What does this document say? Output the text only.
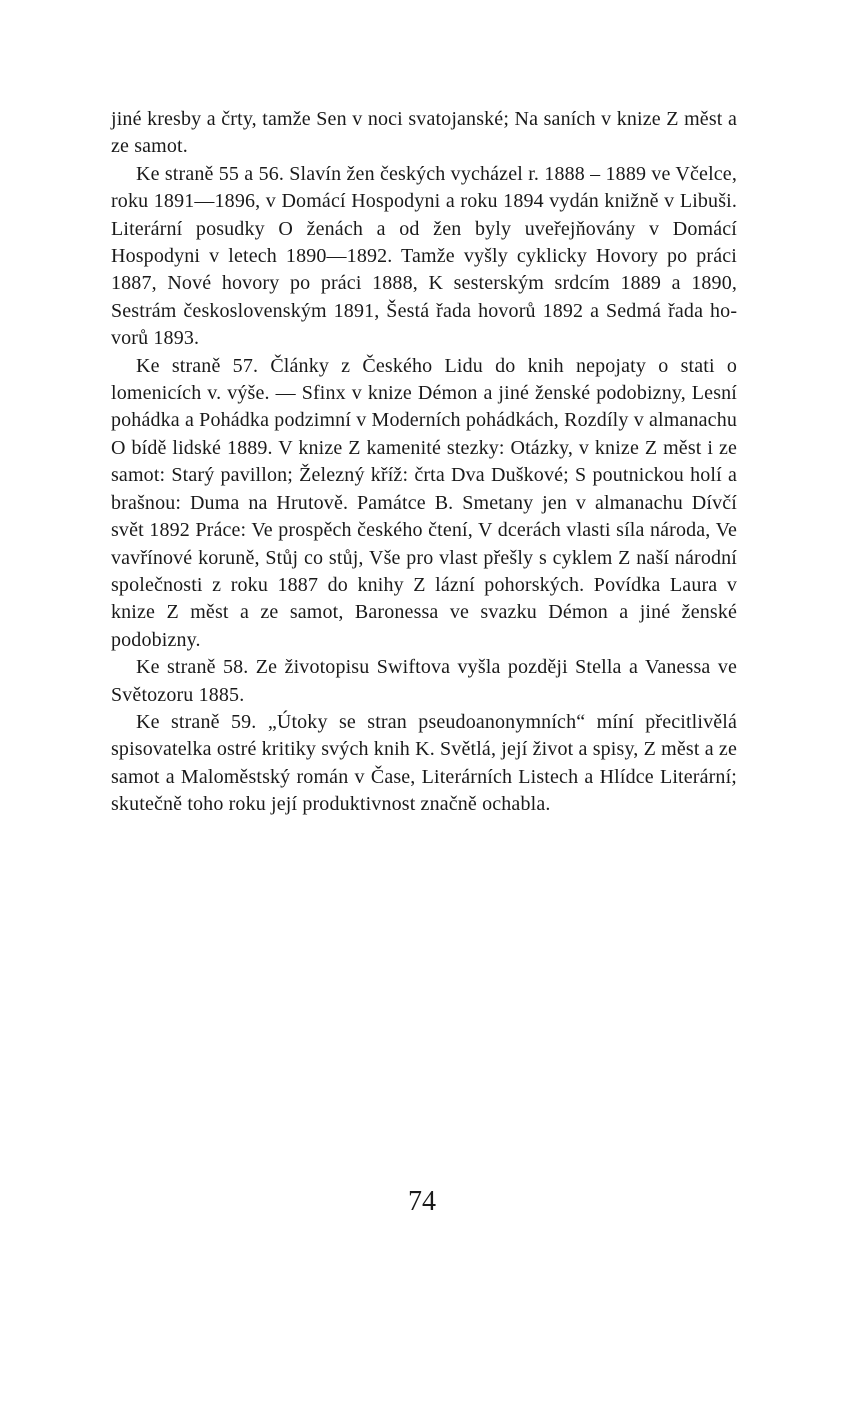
jiné kresby a črty, tamže Sen v noci svatojanské; Na saních v knize Z měst a ze samot.

Ke straně 55 a 56. Slavín žen českých vycházel r. 1888 – 1889 ve Včelce, roku 1891—1896, v Domácí Hospodyni a roku 1894 vydán knižně v Libuši. Literární posudky O ženách a od žen byly uveřejňovány v Domácí Hospodyni v letech 1890—1892. Tamže vyšly cyklicky Hovory po práci 1887, Nové hovory po práci 1888, K sesterským srdcím 1889 a 1890, Sestrám československým 1891, Šestá řada hovorů 1892 a Sedmá řada hovorů 1893.

Ke straně 57. Články z Českého Lidu do knih nepojaty o stati o lomenicích v. výše. — Sfinx v knize Démon a jiné ženské podobizny, Lesní pohádka a Pohádka podzimní v Moderních pohádkách, Rozdíly v almanachu O bídě lidské 1889. V knize Z kamenité stezky: Otázky, v knize Z měst i ze samot: Starý pavillon; Železný kříž: črta Dva Duškové; S poutnickou holí a brašnou: Duma na Hrutově. Památce B. Smetany jen v almanachu Dívčí svět 1892 Práce: Ve prospěch českého čtení, V dcerách vlasti síla národa, Ve vavřínové koruně, Stůj co stůj, Vše pro vlast přešly s cyklem Z naší národní společnosti z roku 1887 do knihy Z lázní pohorských. Povídka Laura v knize Z měst a ze samot, Baronessa ve svazku Démon a jiné ženské podobizny.

Ke straně 58. Ze životopisu Swiftova vyšla později Stella a Vanessa ve Světozoru 1885.

Ke straně 59. „Útoky se stran pseudoanonymních“ míní přecitlivělá spisovatelka ostré kritiky svých knih K. Světlá, její život a spisy, Z měst a ze samot a Maloměstský román v Čase, Literárních Listech a Hlídce Literární; skutečně toho roku její produktivnost značně ochabla.

74
